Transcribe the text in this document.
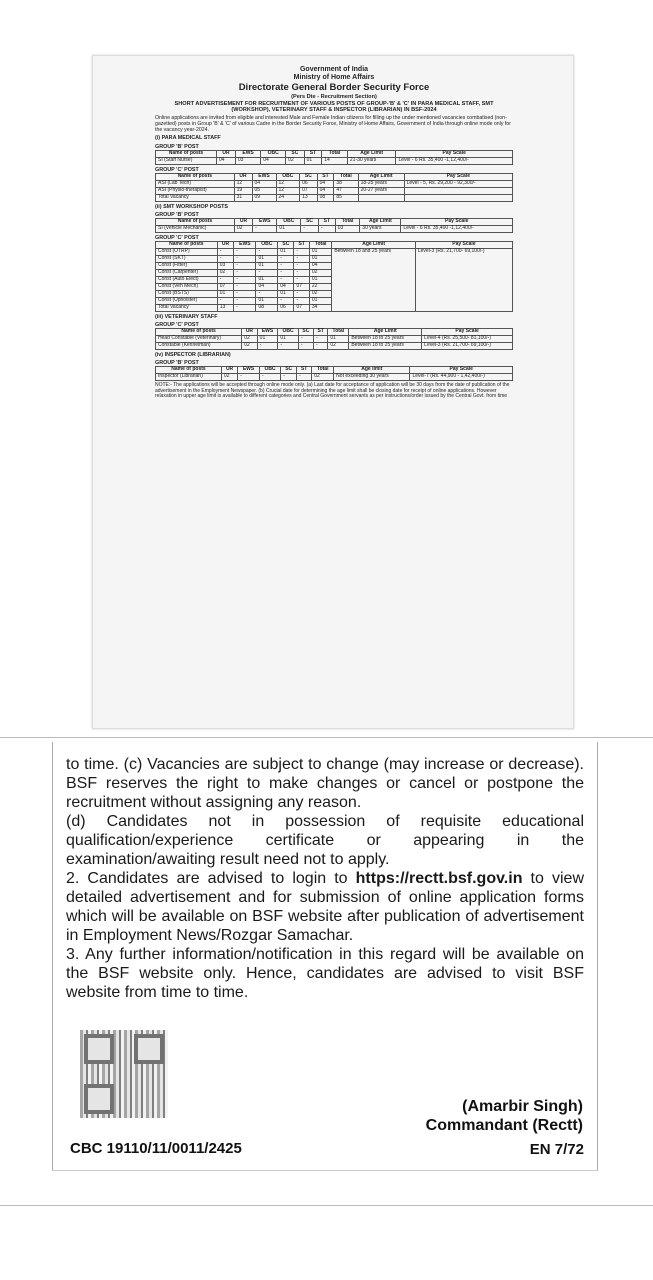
Government of India
Ministry of Home Affairs
Directorate General Border Security Force
(Pers Dte - Recruitment Section)
SHORT ADVERTISEMENT FOR RECRUITMENT OF VARIOUS POSTS OF GROUP-'B' & 'C' IN PARA MEDICAL STAFF, SMT (WORKSHOP), VETERINARY STAFF & INSPECTOR (LIBRARIAN) IN BSF-2024
Online applications are invited from eligible and interested Male and Female Indian citizens for filling up the under mentioned vacancies combatised (non-gazetted) posts in Group 'B' & 'C' of various Cadre in the Border Security Force, Ministry of Home Affairs, Government of India through online mode only for the vacancy year-2024.
(i) PARA MEDICAL STAFF
GROUP 'B' POST
Name of posts	UR	EWS	OBC	SC	ST	Total	Age Limit	Pay Scale
SI (Staff Nurse)	04	03	04	02	01	14	21-30 years	Level - 6 Rs. 35,400 -1,12,400/-
GROUP 'C' POST
Name of posts	UR	EWS	OBC	SC	ST	Total	Age Limit	Pay Scale
ASI (Lab Tech)	12	04	12	06	04	38	18-25 years	Level - 5, Rs. 29,200 - 92,300/-
ASI (Physio-therapist)	19	05	12	07	04	47	20-27 years	
Total Vacancy	31	09	24	13	08	85		
(ii) SMT WORKSHOP POSTS
GROUP 'B' POST
Name of posts	UR	EWS	OBC	SC	ST	Total	Age Limit	Pay Scale
SI (Vehicle Mechanic)	02	-	01	-	-	03	30 years	Level - 6 Rs. 35,400 -1,12,400/-
GROUP 'C' POST
Name of posts	UR	EWS	OBC	SC	ST	Total	Age Limit	Pay Scale
Const (OTRP)	-	-	-	01	-	01	Between 18 and 25 years	Level-3 (Rs. 21,700- 69,100/-)
Const (SKT)	-	-	01	-	-	01		
Const (Fitter)	03	-	01	-	-	04		
Const (Carpenter)	02	-	-	-	-	02		
Const (Auto Elect)	-	-	01	-	-	01		
Const (Veh Mech)	07	-	04	04	07	22		
Const (BSTS)	01	-	-	01	-	02		
Const (Upholster)	-	-	01	-	-	01		
Total Vacancy	13	-	08	06	07	34		
(iii) VETERINARY STAFF
GROUP 'C' POST
Name of posts	UR	EWS	OBC	SC	ST	Total	Age Limit	Pay Scale
Head Constable (Veterinary)	02	01	01	-	-	01	Between 18 to 25 years	Level-4 (Rs. 25,500- 81,100/-)
Constable (Kennelman)	02	-	-	-	-	02	Between 18 to 25 years	Level-3 (Rs. 21,700- 69,100/-)
(iv) INSPECTOR (LIBRARIAN)
GROUP 'B' POST
Name of posts	UR	EWS	OBC	SC	ST	Total	Age limit	Pay Scale
Inspector (Librarian)	02	-	-	-	-	02	Not exceeding 30 years	Level-7 (Rs. 44,900 - 1,42,400/-)
NOTE:- The applications will be accepted through online mode only. (a) Last date for acceptance of application will be 30 days from the date of publication of the advertisement in the Employment Newspaper. (b) Crucial date for determining the age limit shall be closing date for receipt of online applications. However relaxation in upper age limit is available to different categories and Central Government servants as per instructions/order issued by the Central Govt. from time

to time. (c) Vacancies are subject to change (may increase or decrease). BSF reserves the right to make changes or cancel or postpone the recruitment without assigning any reason.

(d) Candidates not in possession of requisite educational qualification/experience certificate or appearing in the examination/awaiting result need not to apply.

2. Candidates are advised to login to https://rectt.bsf.gov.in to view detailed advertisement and for submission of online application forms which will be available on BSF website after publication of advertisement in Employment News/Rozgar Samachar.

3. Any further information/notification in this regard will be available on the BSF website only. Hence, candidates are advised to visit BSF website from time to time.

(Amarbir Singh)
Commandant (Rectt)
CBC 19110/11/0011/2425	EN 7/72
